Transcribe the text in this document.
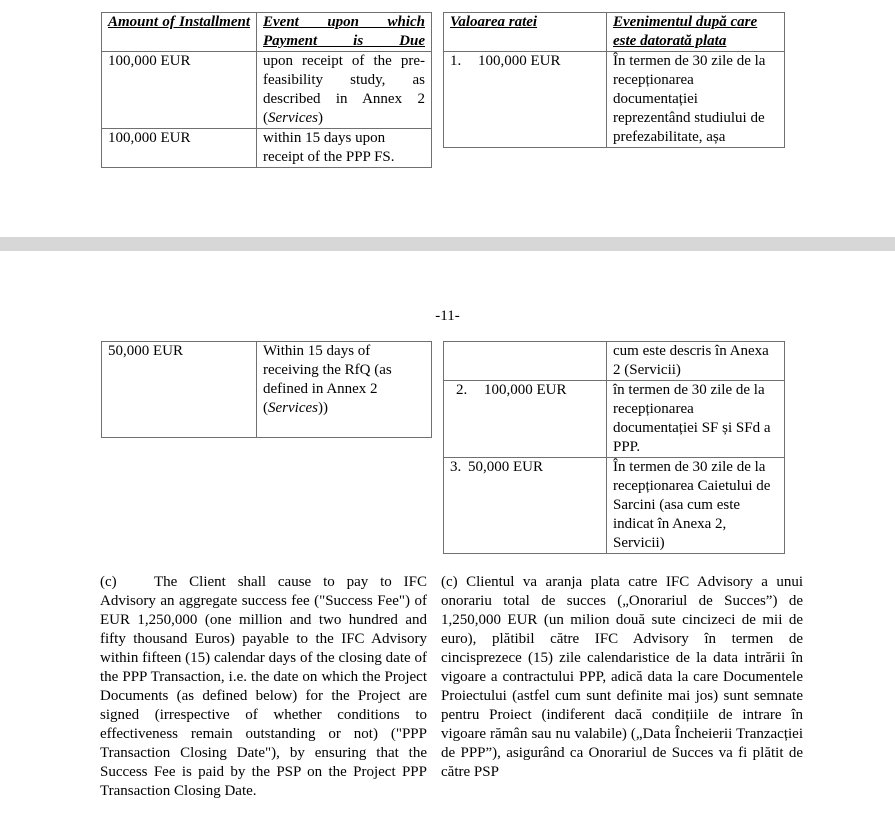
Amount of Installment	Event upon which Payment is Due
100,000 EUR	upon receipt of the pre-feasibility study, as described in Annex 2 (Services)
100,000 EUR	within 15 days upon receipt of the PPP FS.
Valoarea ratei	Evenimentul după care este datorată plata
1. 100,000 EUR	În termen de 30 zile de la recepționarea documentației reprezentând studiului de prefezabilitate, așa
-11-
50,000 EUR	Within 15 days of receiving the RfQ (as defined in Annex 2 (Services))
	cum este descris în Anexa 2 (Servicii)
2. 100,000 EUR	în termen de 30 zile de la recepționarea documentației SF și SFd a PPP.
3. 50,000 EUR	În termen de 30 zile de la recepționarea Caietului de Sarcini (asa cum este indicat în Anexa 2, Servicii)
(c) The Client shall cause to pay to IFC Advisory an aggregate success fee ("Success Fee") of EUR 1,250,000 (one million and two hundred and fifty thousand Euros) payable to the IFC Advisory within fifteen (15) calendar days of the closing date of the PPP Transaction, i.e. the date on which the Project Documents (as defined below) for the Project are signed (irrespective of whether conditions to effectiveness remain outstanding or not) ("PPP Transaction Closing Date"), by ensuring that the Success Fee is paid by the PSP on the Project PPP Transaction Closing Date.
(c) Clientul va aranja plata catre IFC Advisory a unui onorariu total de succes („Onorariul de Succes”) de 1,250,000 EUR (un milion două sute cincizeci de mii de euro), plătibil către IFC Advisory în termen de cincisprezece (15) zile calendaristice de la data intrării în vigoare a contractului PPP, adică data la care Documentele Proiectului (astfel cum sunt definite mai jos) sunt semnate pentru Proiect (indiferent dacă condițiile de intrare în vigoare rămân sau nu valabile) („Data Încheierii Tranzacției de PPP”), asigurând ca Onorariul de Succes va fi plătit de către PSP
